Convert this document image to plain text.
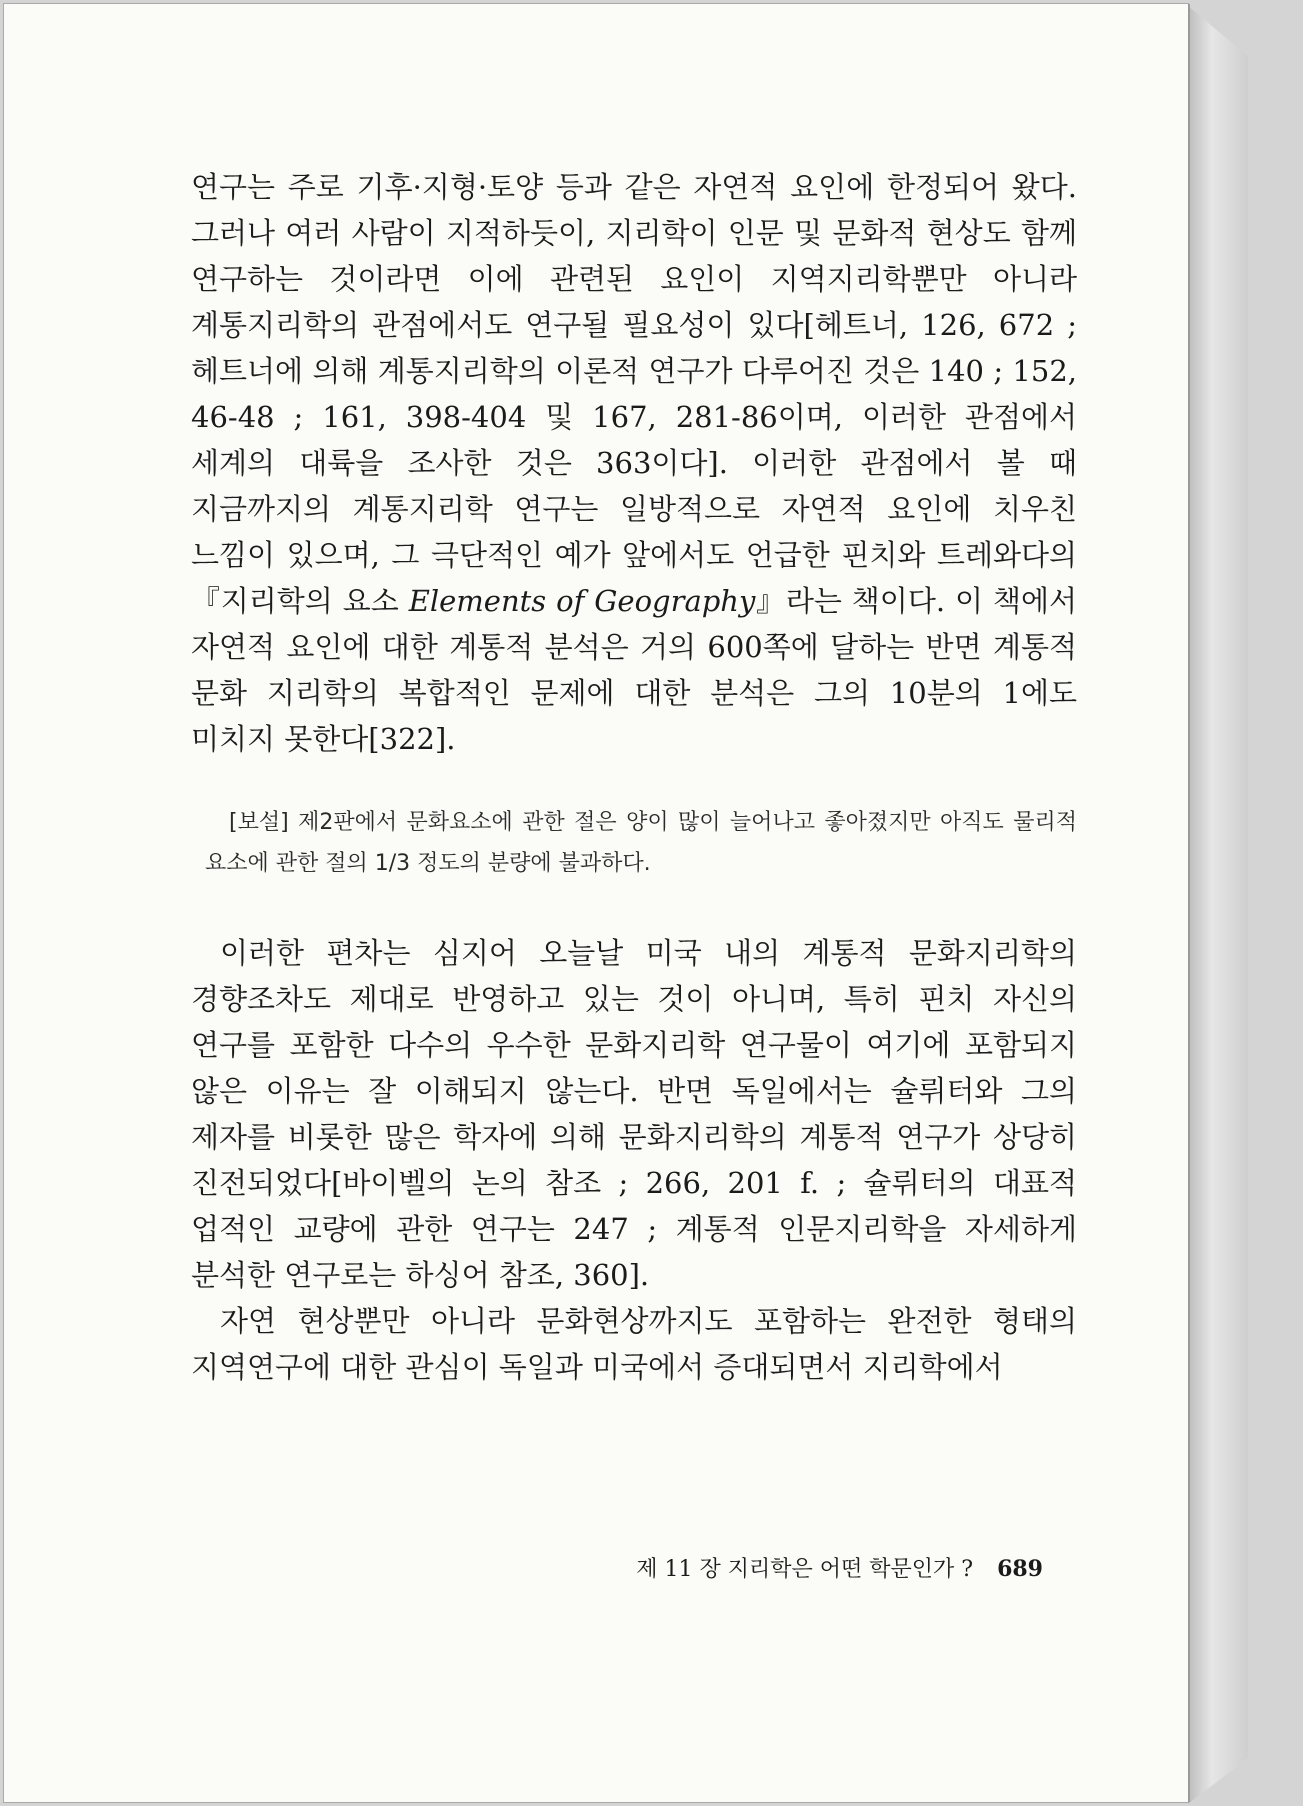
연구는 주로 기후·지형·토양 등과 같은 자연적 요인에 한정되어 왔다. 그러나 여러 사람이 지적하듯이, 지리학이 인문 및 문화적 현상도 함께 연구하는 것이라면 이에 관련된 요인이 지역지리학뿐만 아니라 계통지리학의 관점에서도 연구될 필요성이 있다[헤트너, 126, 672 ; 헤트너에 의해 계통지리학의 이론적 연구가 다루어진 것은 140 ; 152, 46-48 ; 161, 398-404 및 167, 281-86이며, 이러한 관점에서 세계의 대륙을 조사한 것은 363이다]. 이러한 관점에서 볼 때 지금까지의 계통지리학 연구는 일방적으로 자연적 요인에 치우친 느낌이 있으며, 그 극단적인 예가 앞에서도 언급한 핀치와 트레와다의『지리학의 요소 Elements of Geography』라는 책이다. 이 책에서 자연적 요인에 대한 계통적 분석은 거의 600쪽에 달하는 반면 계통적 문화 지리학의 복합적인 문제에 대한 분석은 그의 10분의 1에도 미치지 못한다[322].

[보설] 제2판에서 문화요소에 관한 절은 양이 많이 늘어나고 좋아졌지만 아직도 물리적 요소에 관한 절의 1/3 정도의 분량에 불과하다.

이러한 편차는 심지어 오늘날 미국 내의 계통적 문화지리학의 경향조차도 제대로 반영하고 있는 것이 아니며, 특히 핀치 자신의 연구를 포함한 다수의 우수한 문화지리학 연구물이 여기에 포함되지 않은 이유는 잘 이해되지 않는다. 반면 독일에서는 슐뤼터와 그의 제자를 비롯한 많은 학자에 의해 문화지리학의 계통적 연구가 상당히 진전되었다[바이벨의 논의 참조 ; 266, 201 f. ; 슐뤼터의 대표적 업적인 교량에 관한 연구는 247 ; 계통적 인문지리학을 자세하게 분석한 연구로는 하싱어 참조, 360].

자연 현상뿐만 아니라 문화현상까지도 포함하는 완전한 형태의 지역연구에 대한 관심이 독일과 미국에서 증대되면서 지리학에서

제 11 장 지리학은 어떤 학문인가 ? 689
